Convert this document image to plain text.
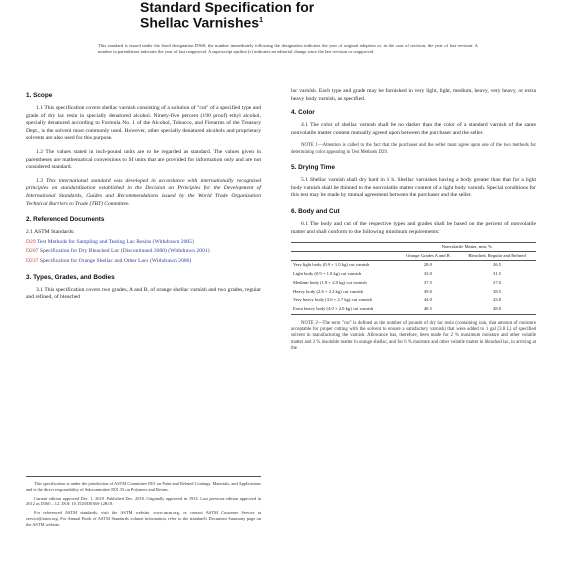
Standard Specification for
Shellac Varnishes$^1$
This standard is issued under the fixed designation D360; the number immediately following the designation indicates the year of original adoption or, in the case of revision, the year of last revision. A number in parentheses indicates the year of last reapproval. A superscript epsilon (ε) indicates an editorial change since the last revision or reapproval.
1. Scope

1.1 This specification covers shellac varnish consisting of a solution of "cut" of a specified type and grade of dry lac resin in specially denatured alcohol. Ninety-five percent (190 proof) ethyl alcohol, specially denatured according to Formula No. 1 of the Alcohol, Tobacco, and Firearms of the Treasury Dept., is the solvent most commonly used. However, other specially denatured alcohols and proprietary solvents are also used for this purpose.

1.2 The values stated in inch-pound units are to be regarded as standard. The values given in parentheses are mathematical conversions to SI units that are provided for information only and are not considered standard.

1.3 This international standard was developed in accordance with internationally recognized principles on standardization established in the Decision on Principles for the Development of International Standards, Guides and Recommendations issued by the World Trade Organization Technical Barriers to Trade (TBT) Committee.

2. Referenced Documents
2.1 ASTM Standards:
D29 Test Methods for Sampling and Testing Lac Resins (Withdrawn 2005)
D207 Specification for Dry Bleached Lac (Discontinued 2000) (Withdrawn 2001)
D237 Specification for Orange Shellac and Other Lacs (Withdrawn 2006)
3. Types, Grades, and Bodies

3.1 This specification covers two grades, A and B, of orange shellac varnish and two grades, regular and refined, of bleached

This specification is under the jurisdiction of ASTM Committee D01 on Paint and Related Coatings, Materials, and Applications and is the direct responsibility of Subcommittee D01.33 on Polymers and Resins.
Current edition approved Dec. 1, 2018. Published Dec. 2018. Originally approved in 1933. Last previous edition approved in 2012 as D360 – 12. DOI: 10.1520/D0360-12R18.
For referenced ASTM standards, visit the ASTM website, www.astm.org, or contact ASTM Customer Service at service@astm.org. For Annual Book of ASTM Standards volume information, refer to the standard's Document Summary page on the ASTM website.

lac varnish. Each type and grade may be furnished in very light, light, medium, heavy, very heavy, or extra heavy body varnish, as specified.

4. Color

4.1 The color of shellac varnish shall be no darker than the color of a standard varnish of the same nonvolatile matter content mutually agreed upon between the purchaser and the seller.

NOTE 1—Attention is called to the fact that the purchaser and the seller must agree upon one of the two methods for determining color appearing in Test Methods D29.

5. Drying Time

5.1 Shellac varnish shall dry hard in 1 h. Shellac varnishes having a body greater than that for a light body varnish shall be thinned to the nonvolatile matter content of a light body varnish. Special conditions for this test may be made by mutual agreement between the purchaser and the seller.

6. Body and Cut

6.1 The body and cut of the respective types and grades shall be based on the percent of nonvolatile matter and shall conform to the following minimum requirements:

	Nonvolatile Matter, min, %	
	Orange Grades A and B	Bleached, Regular and Refined
Very light body (0.9 + 1.0 kg) cut varnish	28.0	26.5
Light body (0.9 + 1.0 kg) cut varnish	33.0	31.5
Medium body (1.8 + 2.0 kg) cut varnish	37.5	37.0
Heavy body (2.6 + 2.2 kg) cut varnish	39.0	38.5
Very heavy body (3.6 + 2.7 kg) cut varnish	44.0	43.0
Extra heavy body (4.0 + 2.0 kg) cut varnish	48.5	48.0

NOTE 2—The term "cut" is defined as the number of pounds of dry lac resin (containing rain, that amount of moisture acceptable for proper cutting with the solvent to ensure a satisfactory varnish) that were added to 1 gal (3.8 L) of specified solvent in manufacturing the varnish. Allowance has, therefore, been made for 2 % maximum moisture and other volatile matter and 2 % insoluble matter in orange shellac, and for 6 % moisture and other volatile matter in bleached lac, in arriving at the
